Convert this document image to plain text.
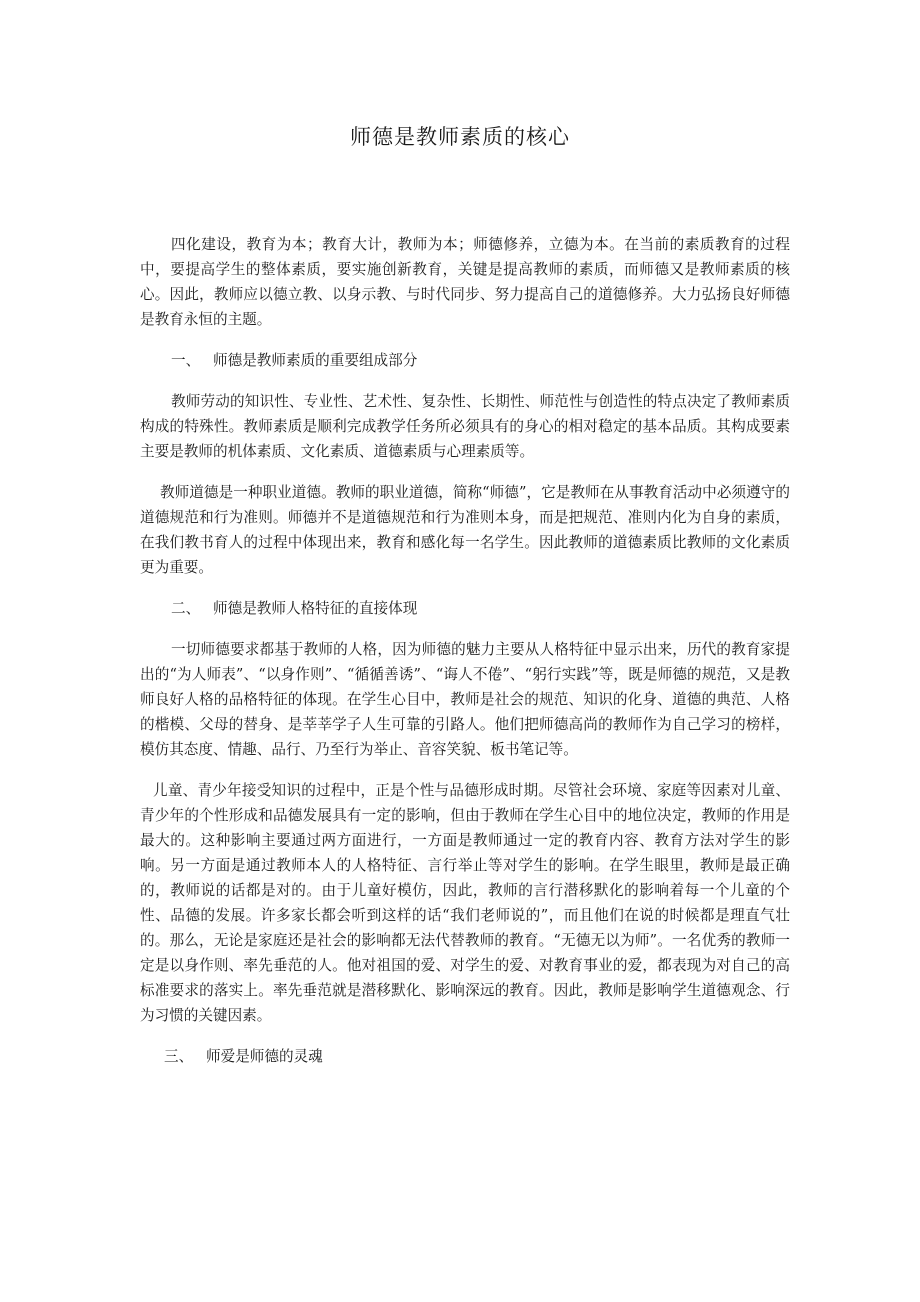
师德是教师素质的核心

四化建设，教育为本；教育大计，教师为本；师德修养，立德为本。在当前的素质教育的过程中，要提高学生的整体素质，要实施创新教育，关键是提高教师的素质，而师德又是教师素质的核心。因此，教师应以德立教、以身示教、与时代同步、努力提高自己的道德修养。大力弘扬良好师德是教育永恒的主题。

一、 师德是教师素质的重要组成部分

教师劳动的知识性、专业性、艺术性、复杂性、长期性、师范性与创造性的特点决定了教师素质构成的特殊性。教师素质是顺利完成教学任务所必须具有的身心的相对稳定的基本品质。其构成要素主要是教师的机体素质、文化素质、道德素质与心理素质等。

教师道德是一种职业道德。教师的职业道德，简称“师德”，它是教师在从事教育活动中必须遵守的道德规范和行为准则。师德并不是道德规范和行为准则本身，而是把规范、准则内化为自身的素质，在我们教书育人的过程中体现出来，教育和感化每一名学生。因此教师的道德素质比教师的文化素质更为重要。

二、 师德是教师人格特征的直接体现

一切师德要求都基于教师的人格，因为师德的魅力主要从人格特征中显示出来，历代的教育家提出的“为人师表”、“以身作则”、“循循善诱”、“诲人不倦”、“躬行实践”等，既是师德的规范，又是教师良好人格的品格特征的体现。在学生心目中，教师是社会的规范、知识的化身、道德的典范、人格的楷模、父母的替身、是莘莘学子人生可靠的引路人。他们把师德高尚的教师作为自己学习的榜样，模仿其态度、情趣、品行、乃至行为举止、音容笑貌、板书笔记等。

儿童、青少年接受知识的过程中，正是个性与品德形成时期。尽管社会环境、家庭等因素对儿童、青少年的个性形成和品德发展具有一定的影响，但由于教师在学生心目中的地位决定，教师的作用是最大的。这种影响主要通过两方面进行，一方面是教师通过一定的教育内容、教育方法对学生的影响。另一方面是通过教师本人的人格特征、言行举止等对学生的影响。在学生眼里，教师是最正确的，教师说的话都是对的。由于儿童好模仿，因此，教师的言行潜移默化的影响着每一个儿童的个性、品德的发展。许多家长都会听到这样的话“我们老师说的”，而且他们在说的时候都是理直气壮的。那么，无论是家庭还是社会的影响都无法代替教师的教育。“无德无以为师”。一名优秀的教师一定是以身作则、率先垂范的人。他对祖国的爱、对学生的爱、对教育事业的爱，都表现为对自己的高标准要求的落实上。率先垂范就是潜移默化、影响深远的教育。因此，教师是影响学生道德观念、行为习惯的关键因素。

三、 师爱是师德的灵魂
